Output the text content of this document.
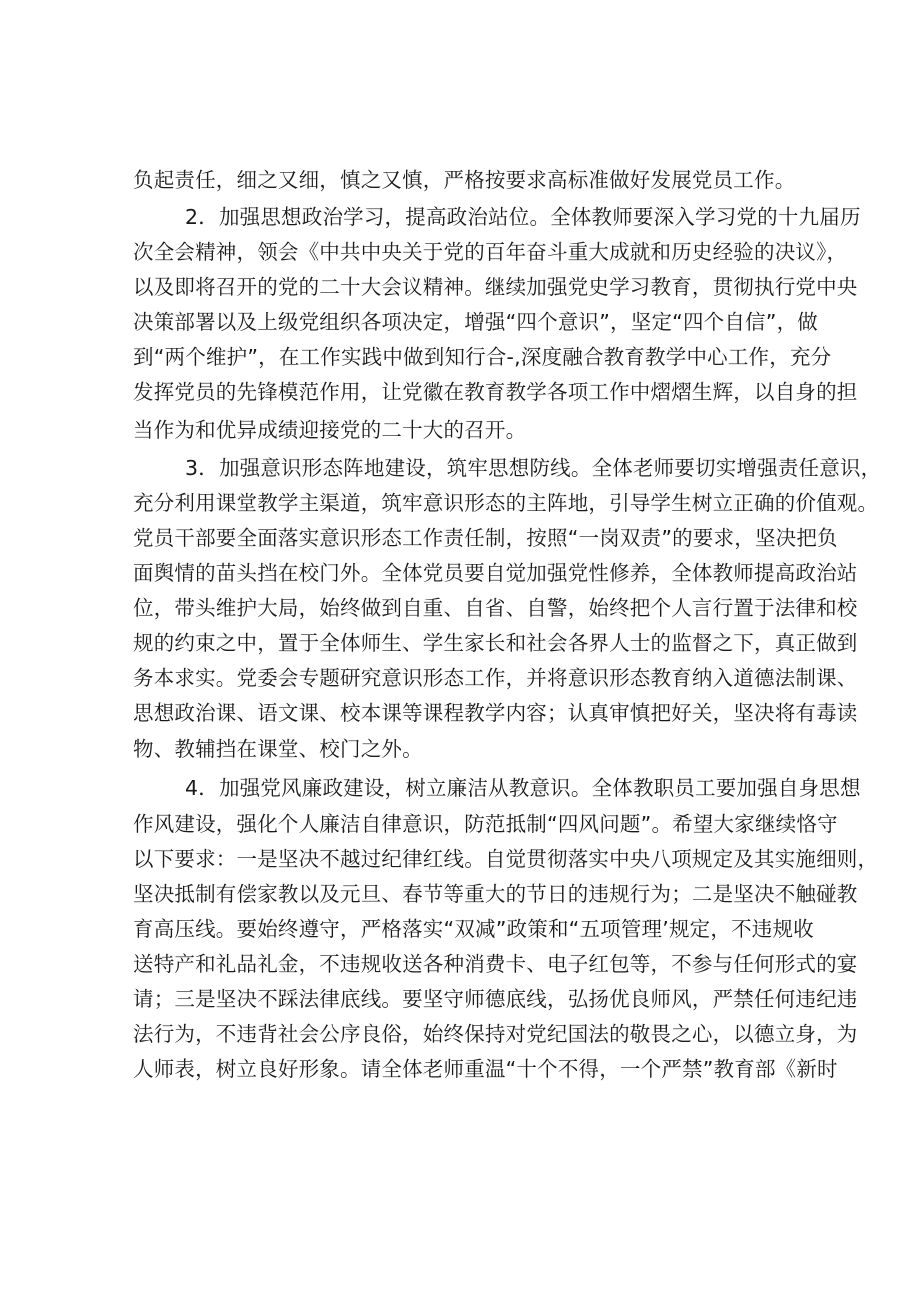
负起责任，细之又细，慎之又慎，严格按要求高标准做好发展党员工作。
2．加强思想政治学习，提高政治站位。全体教师要深入学习党的十九届历
次全会精神，领会《中共中央关于党的百年奋斗重大成就和历史经验的决议》，
以及即将召开的党的二十大会议精神。继续加强党史学习教育，贯彻执行党中央
决策部署以及上级党组织各项决定，增强“四个意识”，坚定“四个自信”，做
到“两个维护”，在工作实践中做到知行合-,深度融合教育教学中心工作，充分
发挥党员的先锋模范作用，让党徽在教育教学各项工作中熠熠生辉，以自身的担
当作为和优异成绩迎接党的二十大的召开。
3．加强意识形态阵地建设，筑牢思想防线。全体老师要切实增强责任意识，
充分利用课堂教学主渠道，筑牢意识形态的主阵地，引导学生树立正确的价值观。
党员干部要全面落实意识形态工作责任制，按照“一岗双责”的要求，坚决把负
面舆情的苗头挡在校门外。全体党员要自觉加强党性修养，全体教师提高政治站
位，带头维护大局，始终做到自重、自省、自警，始终把个人言行置于法律和校
规的约束之中，置于全体师生、学生家长和社会各界人士的监督之下，真正做到
务本求实。党委会专题研究意识形态工作，并将意识形态教育纳入道德法制课、
思想政治课、语文课、校本课等课程教学内容；认真审慎把好关，坚决将有毒读
物、教辅挡在课堂、校门之外。
4．加强党风廉政建设，树立廉洁从教意识。全体教职员工要加强自身思想
作风建设，强化个人廉洁自律意识，防范抵制“四风问题”。希望大家继续恪守
以下要求：一是坚决不越过纪律红线。自觉贯彻落实中央八项规定及其实施细则，
坚决抵制有偿家教以及元旦、春节等重大的节日的违规行为；二是坚决不触碰教
育高压线。要始终遵守，严格落实“双减”政策和“五项管理’规定，不违规收
送特产和礼品礼金，不违规收送各种消费卡、电子红包等，不参与任何形式的宴
请；三是坚决不踩法律底线。要坚守师德底线，弘扬优良师风，严禁任何违纪违
法行为，不违背社会公序良俗，始终保持对党纪国法的敬畏之心，以德立身，为
人师表，树立良好形象。请全体老师重温“十个不得，一个严禁”教育部《新时
